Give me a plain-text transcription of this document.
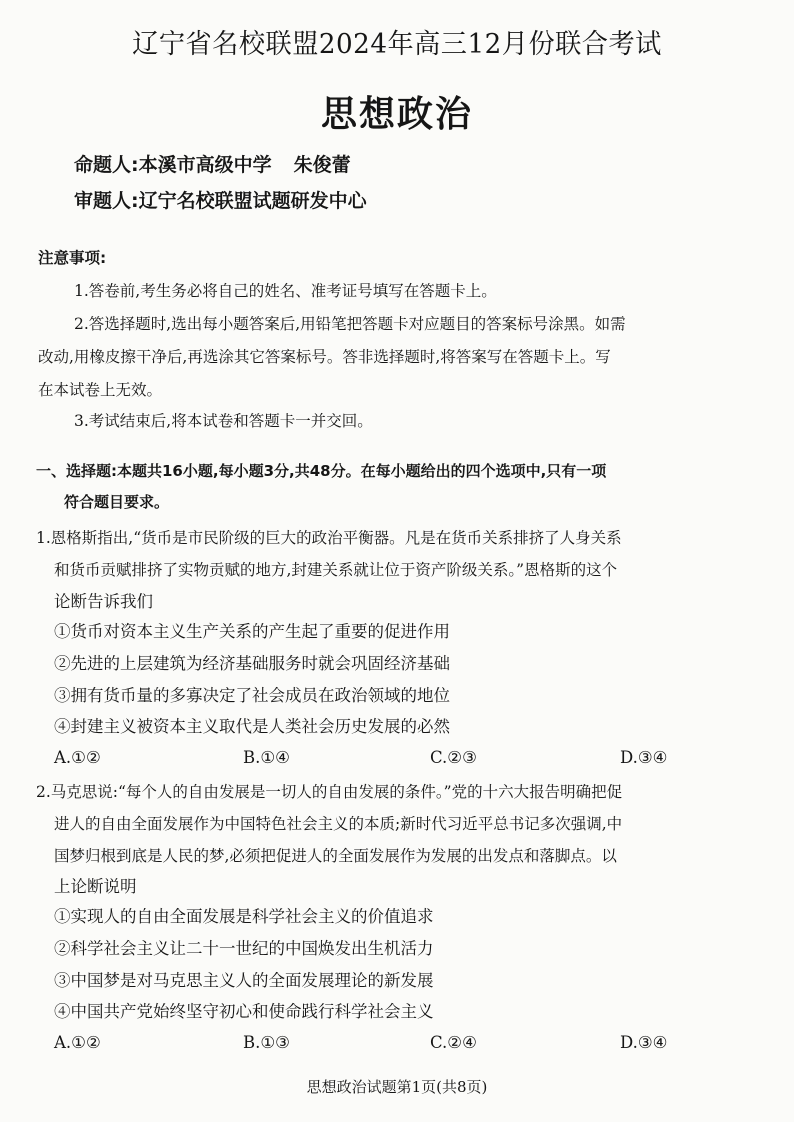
辽宁省名校联盟2024年高三12月份联合考试
思想政治
命题人:本溪市高级中学 朱俊蕾
审题人:辽宁名校联盟试题研发中心
注意事项:
1.答卷前,考生务必将自己的姓名、准考证号填写在答题卡上。
2.答选择题时,选出每小题答案后,用铅笔把答题卡对应题目的答案标号涂黑。如需
改动,用橡皮擦干净后,再选涂其它答案标号。答非选择题时,将答案写在答题卡上。写
在本试卷上无效。
3.考试结束后,将本试卷和答题卡一并交回。
一、选择题:本题共16小题,每小题3分,共48分。在每小题给出的四个选项中,只有一项
符合题目要求。
1.恩格斯指出,“货币是市民阶级的巨大的政治平衡器。凡是在货币关系排挤了人身关系
和货币贡赋排挤了实物贡赋的地方,封建关系就让位于资产阶级关系。”恩格斯的这个
论断告诉我们
①货币对资本主义生产关系的产生起了重要的促进作用
②先进的上层建筑为经济基础服务时就会巩固经济基础
③拥有货币量的多寡决定了社会成员在政治领域的地位
④封建主义被资本主义取代是人类社会历史发展的必然
A.①②	B.①④	C.②③	D.③④
2.马克思说:“每个人的自由发展是一切人的自由发展的条件。”党的十六大报告明确把促
进人的自由全面发展作为中国特色社会主义的本质;新时代习近平总书记多次强调,中
国梦归根到底是人民的梦,必须把促进人的全面发展作为发展的出发点和落脚点。以
上论断说明
①实现人的自由全面发展是科学社会主义的价值追求
②科学社会主义让二十一世纪的中国焕发出生机活力
③中国梦是对马克思主义人的全面发展理论的新发展
④中国共产党始终坚守初心和使命践行科学社会主义
A.①②	B.①③	C.②④	D.③④
思想政治试题第1页(共8页)
